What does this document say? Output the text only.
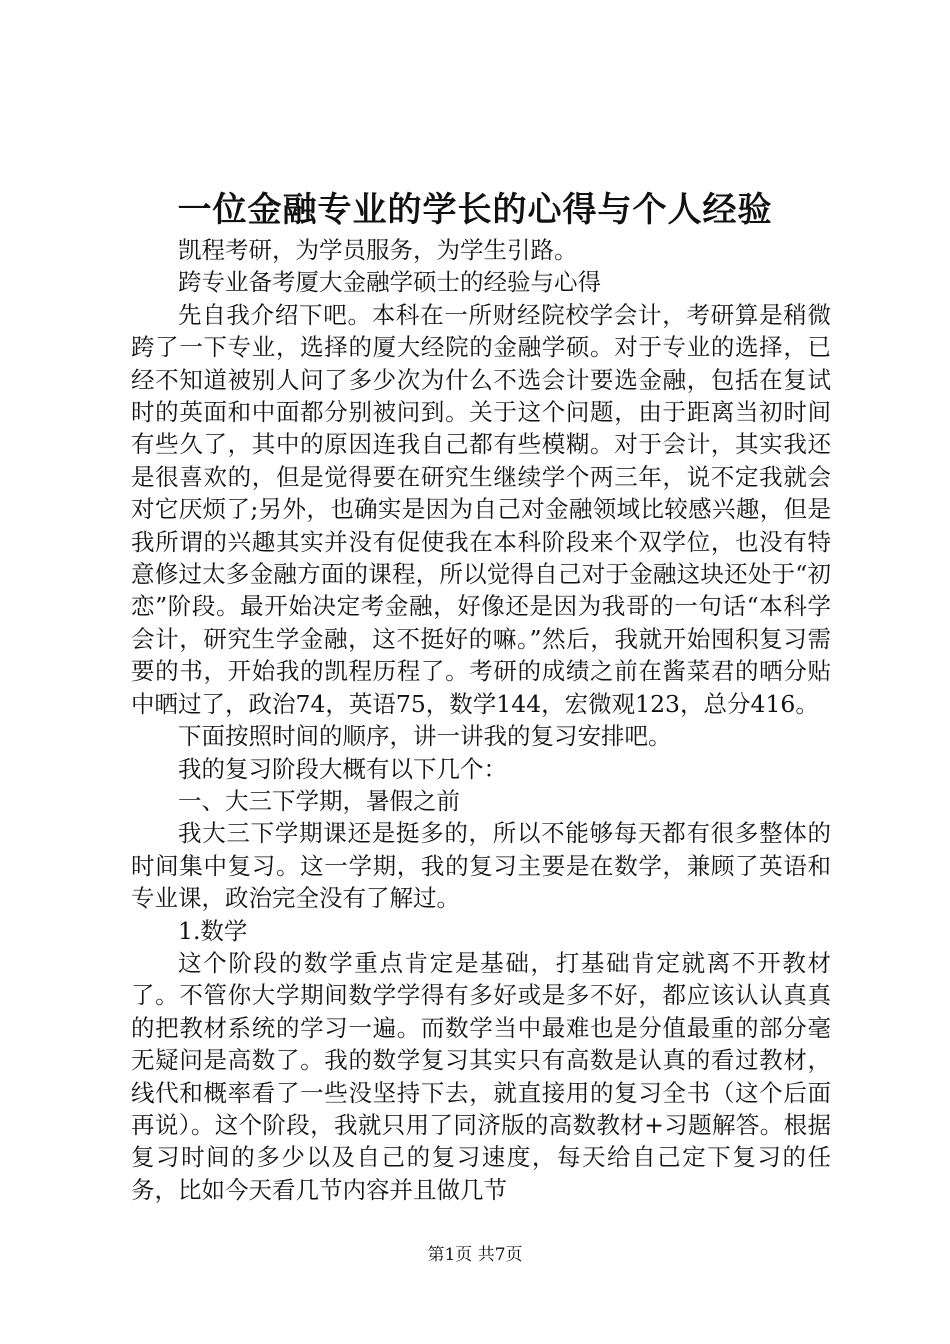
一位金融专业的学长的心得与个人经验

凯程考研，为学员服务，为学生引路。

跨专业备考厦大金融学硕士的经验与心得

先自我介绍下吧。本科在一所财经院校学会计，考研算是稍微跨了一下专业，选择的厦大经院的金融学硕。对于专业的选择，已经不知道被别人问了多少次为什么不选会计要选金融，包括在复试时的英面和中面都分别被问到。关于这个问题，由于距离当初时间有些久了，其中的原因连我自己都有些模糊。对于会计，其实我还是很喜欢的，但是觉得要在研究生继续学个两三年，说不定我就会对它厌烦了;另外，也确实是因为自己对金融领域比较感兴趣，但是我所谓的兴趣其实并没有促使我在本科阶段来个双学位，也没有特意修过太多金融方面的课程，所以觉得自己对于金融这块还处于“初恋”阶段。最开始决定考金融，好像还是因为我哥的一句话“本科学会计，研究生学金融，这不挺好的嘛。”然后，我就开始囤积复习需要的书，开始我的凯程历程了。考研的成绩之前在酱菜君的晒分贴中晒过了，政治74，英语75，数学144，宏微观123，总分416。

下面按照时间的顺序，讲一讲我的复习安排吧。

我的复习阶段大概有以下几个：

一、大三下学期，暑假之前

我大三下学期课还是挺多的，所以不能够每天都有很多整体的时间集中复习。这一学期，我的复习主要是在数学，兼顾了英语和专业课，政治完全没有了解过。

1.数学

这个阶段的数学重点肯定是基础，打基础肯定就离不开教材了。不管你大学期间数学学得有多好或是多不好，都应该认认真真的把教材系统的学习一遍。而数学当中最难也是分值最重的部分毫无疑问是高数了。我的数学复习其实只有高数是认真的看过教材，线代和概率看了一些没坚持下去，就直接用的复习全书（这个后面再说）。这个阶段，我就只用了同济版的高数教材+习题解答。根据复习时间的多少以及自己的复习速度，每天给自己定下复习的任务，比如今天看几节内容并且做几节

第1页 共7页
